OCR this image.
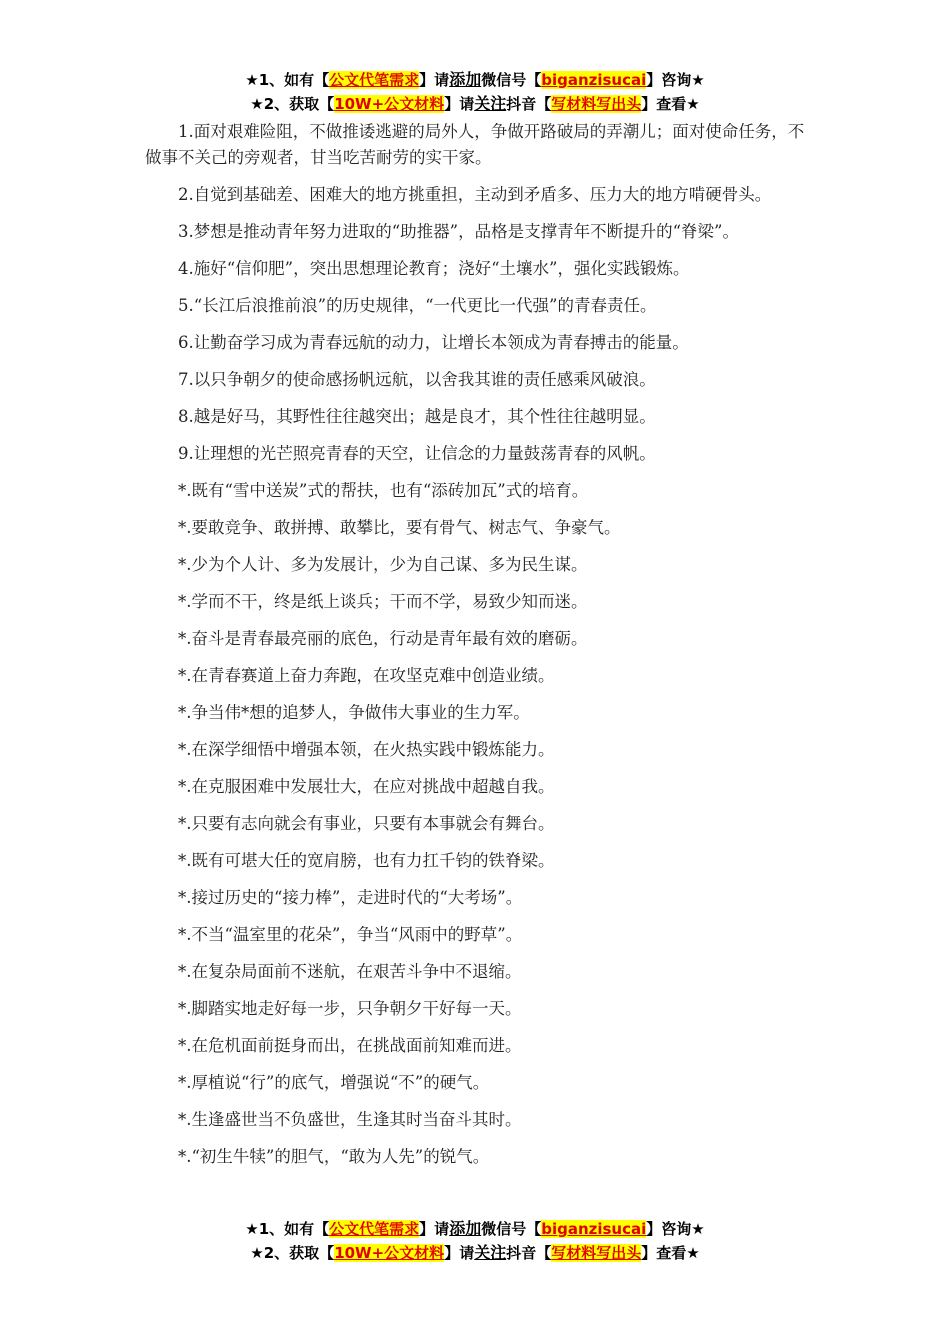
★1、如有【公文代笔需求】请添加微信号【biganzisucai】咨询★
★2、获取【10W+公文材料】请关注抖音【写材料写出头】查看★

1.面对艰难险阻，不做推诿逃避的局外人，争做开路破局的弄潮儿；面对使命任务，不做事不关己的旁观者，甘当吃苦耐劳的实干家。

2.自觉到基础差、困难大的地方挑重担，主动到矛盾多、压力大的地方啃硬骨头。

3.梦想是推动青年努力进取的“助推器”，品格是支撑青年不断提升的“脊梁”。

4.施好“信仰肥”，突出思想理论教育；浇好“土壤水”，强化实践锻炼。

5.“长江后浪推前浪”的历史规律，“一代更比一代强”的青春责任。

6.让勤奋学习成为青春远航的动力，让增长本领成为青春搏击的能量。

7.以只争朝夕的使命感扬帆远航，以舍我其谁的责任感乘风破浪。

8.越是好马，其野性往往越突出；越是良才，其个性往往越明显。

9.让理想的光芒照亮青春的天空，让信念的力量鼓荡青春的风帆。

*.既有“雪中送炭”式的帮扶，也有“添砖加瓦”式的培育。

*.要敢竞争、敢拼搏、敢攀比，要有骨气、树志气、争豪气。

*.少为个人计、多为发展计，少为自己谋、多为民生谋。

*.学而不干，终是纸上谈兵；干而不学，易致少知而迷。

*.奋斗是青春最亮丽的底色，行动是青年最有效的磨砺。

*.在青春赛道上奋力奔跑，在攻坚克难中创造业绩。

*.争当伟*想的追梦人，争做伟大事业的生力军。

*.在深学细悟中增强本领，在火热实践中锻炼能力。

*.在克服困难中发展壮大，在应对挑战中超越自我。

*.只要有志向就会有事业，只要有本事就会有舞台。

*.既有可堪大任的宽肩膀，也有力扛千钧的铁脊梁。

*.接过历史的“接力棒”，走进时代的“大考场”。

*.不当“温室里的花朵”，争当“风雨中的野草”。

*.在复杂局面前不迷航，在艰苦斗争中不退缩。

*.脚踏实地走好每一步，只争朝夕干好每一天。

*.在危机面前挺身而出，在挑战面前知难而进。

*.厚植说“行”的底气，增强说“不”的硬气。

*.生逢盛世当不负盛世，生逢其时当奋斗其时。

*.“初生牛犊”的胆气，“敢为人先”的锐气。

★1、如有【公文代笔需求】请添加微信号【biganzisucai】咨询★
★2、获取【10W+公文材料】请关注抖音【写材料写出头】查看★
